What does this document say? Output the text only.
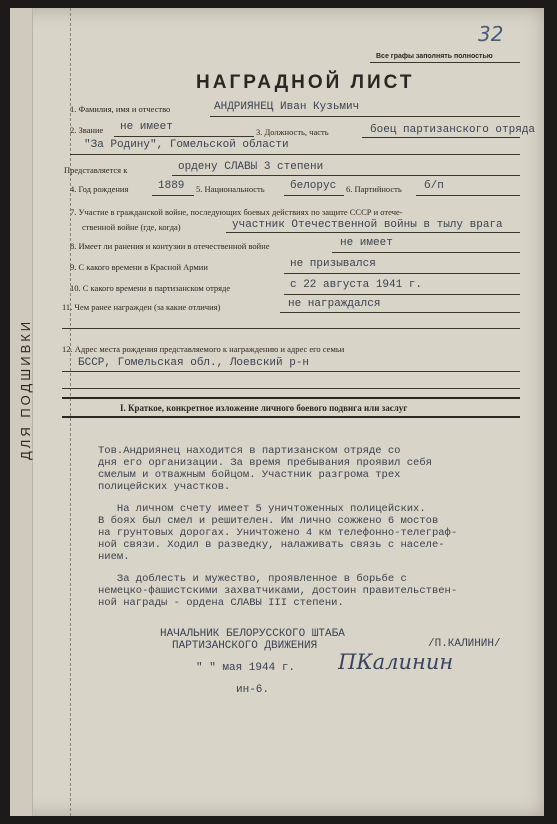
ДЛЯ ПОДШИВКИ
32
Все графы заполнять полностью
НАГРАДНОЙ ЛИСТ
1. Фамилия, имя и отчество	АНДРИЯНЕЦ Иван Кузьмич
2. Звание не имеет	3. Должность, часть	боец партизанского отряда
"За Родину", Гомельской области
Представляется к	ордену СЛАВЫ 3 степени
4. Год рождения	1889 5. Национальность белорус 6. Партийность б/п
7. Участие в гражданской войне, последующих боевых действиях по защите СССР и отече-
ственной войне (где, когда)	участник Отечественной войны в тылу врага
8. Имеет ли ранения и контузии в отечественной войне	не имеет
9. С какого времени в Красной Армии	не призывался
10. С какого времени в партизанском отряде	с 22 августа 1941 г.
11. Чем ранее награжден (за какие отличия)	не награждался
12. Адрес места рождения представляемого к награждению и адрес его семьи
БССР, Гомельская обл., Лоевский р-н
I. Краткое, конкретное изложение личного боевого подвига или заслуг

Тов.Андриянец находится в партизанском отряде со

дня его организации. За время пребывания проявил себя

смелым и отважным бойцом. Участник разгрома трех

полицейских участков.

На личном счету имеет 5 уничтоженных полицейских.

В боях был смел и решителен. Им лично сожжено 6 мостов

на грунтовых дорогах. Уничтожено 4 км телефонно-телеграф-

ной связи. Ходил в разведку, налаживать связь с населе-

нием.

За доблесть и мужество, проявленное в борьбе с

немецко-фашистскими захватчиками, достоин правительствен-

ной награды - ордена СЛАВЫ III степени.

НАЧАЛЬНИК БЕЛОРУССКОГО ШТАБА
ПАРТИЗАНСКОГО ДВИЖЕНИЯ	/П.КАЛИНИН/
" " мая 1944 г. ПКалинин
ин-6.
